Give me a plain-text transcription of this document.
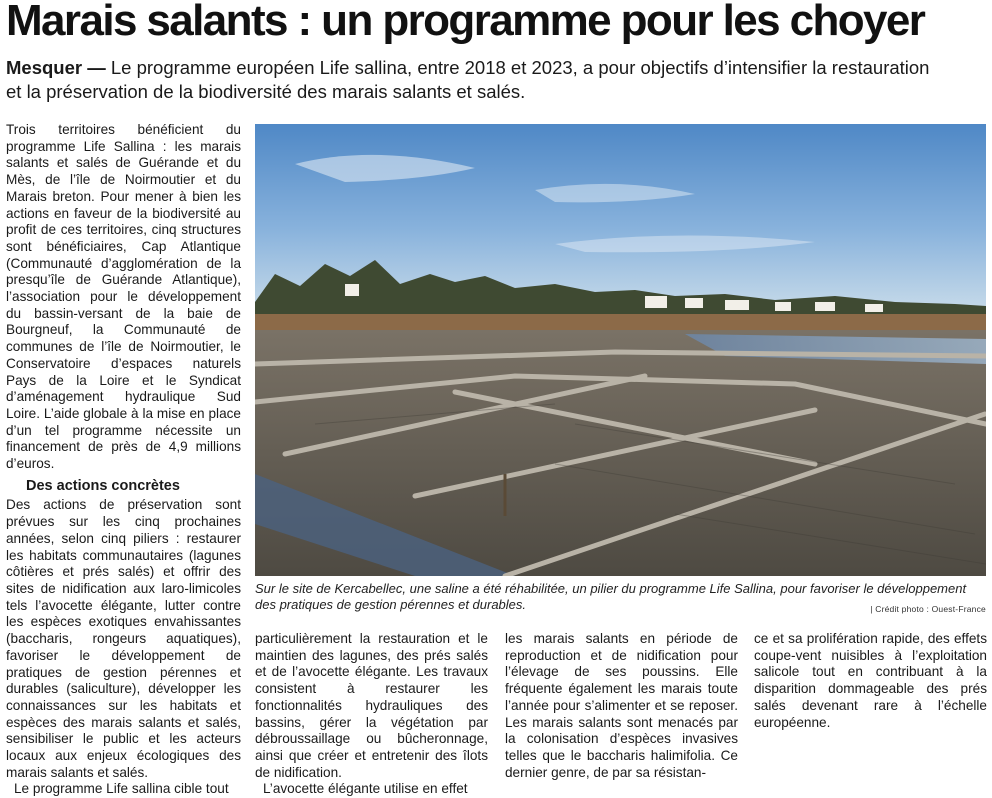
Marais salants : un programme pour les choyer

Mesquer — Le programme européen Life sallina, entre 2018 et 2023, a pour objectifs d’intensifier la restauration et la préservation de la biodiversité des marais salants et salés.

Trois territoires bénéficient du programme Life Sallina : les marais salants et salés de Guérande et du Mès, de l’île de Noirmoutier et du Marais breton. Pour mener à bien les actions en faveur de la biodiversité au profit de ces territoires, cinq structures sont bénéficiaires, Cap Atlantique (Communauté d’agglomération de la presqu’île de Guérande Atlantique), l’association pour le développement du bassin-versant de la baie de Bourgneuf, la Communauté de communes de l’île de Noirmoutier, le Conservatoire d’espaces naturels Pays de la Loire et le Syndicat d’aménagement hydraulique Sud Loire. L’aide globale à la mise en place d’un tel programme nécessite un financement de près de 4,9 millions d’euros.

Des actions concrètes

Des actions de préservation sont prévues sur les cinq prochaines années, selon cinq piliers : restaurer les habitats communautaires (lagunes côtières et prés salés) et offrir des sites de nidification aux laro-limicoles tels l’avocette élégante, lutter contre les espèces exotiques envahissantes (baccharis, rongeurs aquatiques), favoriser le développement de pratiques de gestion pérennes et durables (saliculture), développer les connaissances sur les habitats et espèces des marais salants et salés, sensibiliser le public et les acteurs locaux aux enjeux écologiques des marais salants et salés.

Le programme Life sallina cible tout

Sur le site de Kercabellec, une saline a été réhabilitée, un pilier du programme Life Sallina, pour favoriser le développement des pratiques de gestion pérennes et durables.	| Crédit photo : Ouest-France

particulièrement la restauration et le maintien des lagunes, des prés salés et de l’avocette élégante. Les travaux consistent à restaurer les fonctionnalités hydrauliques des bassins, gérer la végétation par débroussaillage ou bûcheronnage, ainsi que créer et entretenir des îlots de nidification.

L’avocette élégante utilise en effet

les marais salants en période de reproduction et de nidification pour l’élevage de ses poussins. Elle fréquente également les marais toute l’année pour s’alimenter et se reposer. Les marais salants sont menacés par la colonisation d’espèces invasives telles que le baccharis halimifolia. Ce dernier genre, de par sa résistan-

ce et sa prolifération rapide, des effets coupe-vent nuisibles à l’exploitation salicole tout en contribuant à la disparition dommageable des prés salés devenant rare à l’échelle européenne.
